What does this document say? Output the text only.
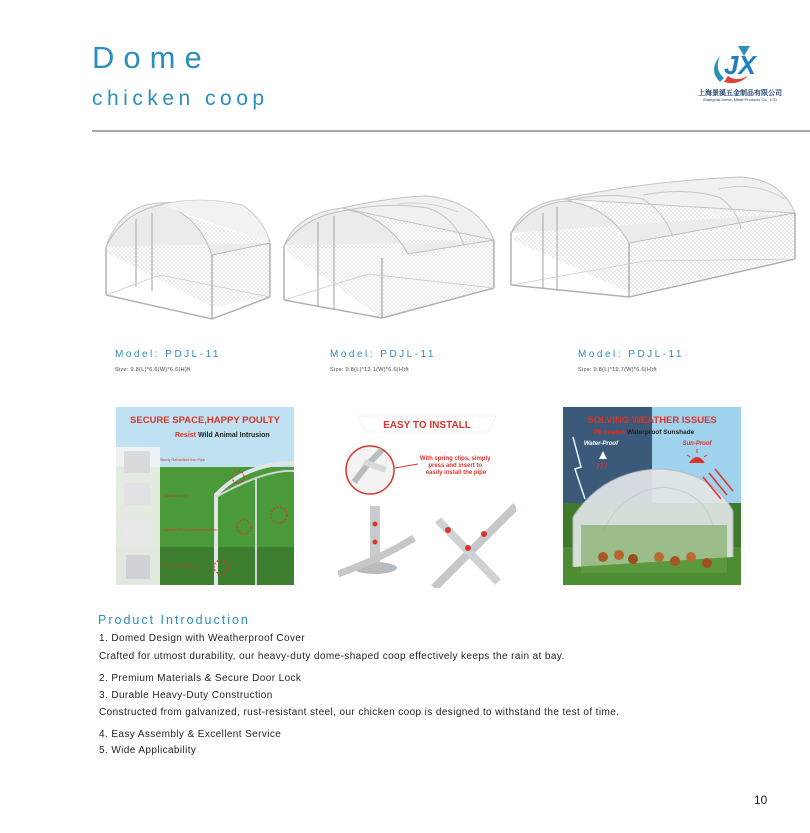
Dome
chicken coop
JX
上海景溪五金制品有限公司
Shanghai Jinxun Metal Products Co., LTD
Model: PDJL-11
Size: 9.8(L)*6.6(W)*6.6(H)ft
Model: PDJL-11
Size: 9.8(L)*13.1(W)*6.6(H)ft
Model: PDJL-11
Size: 9.8(L)*19.7(W)*6.6(H)ft
SECURE SPACE,HAPPY POULTY
Resist Wild Animal Intrusion
Sturdy Galvanized Iron Pipe
Lockable Door
Durable PVC-Coated Metal Mesh
Thicker Metal Base
EASY TO INSTALL
With spring clips, simply press and insert to easily install the pipe
SOLVING WEATHER ISSUES
PE-coated Waterproof Sunshade
Water-Proof	Sun-Proof
Product Introduction
1. Domed Design with Weatherproof Cover
Crafted for utmost durability, our heavy-duty dome-shaped coop effectively keeps the rain at bay.
2. Premium Materials & Secure Door Lock
3. Durable Heavy-Duty Construction
Constructed from galvanized, rust-resistant steel, our chicken coop is designed to withstand the test of time.
4. Easy Assembly & Excellent Service
5. Wide Applicability
10
